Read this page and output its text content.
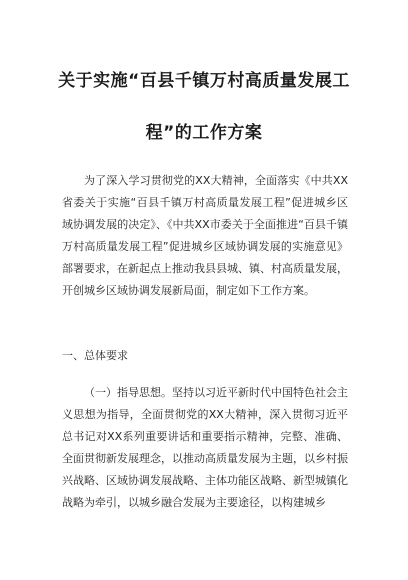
关于实施“百县千镇万村高质量发展工
程”的工作方案
为了深入学习贯彻党的XX大精神，全面落实《中共XX省委关于实施“百县千镇万村高质量发展工程”促进城乡区域协调发展的决定》、《中共XX市委关于全面推进“百县千镇万村高质量发展工程”促进城乡区域协调发展的实施意见》部署要求，在新起点上推动我县县城、镇、村高质量发展，开创城乡区域协调发展新局面，制定如下工作方案。
一、总体要求
（一）指导思想。坚持以习近平新时代中国特色社会主义思想为指导，全面贯彻党的XX大精神，深入贯彻习近平总书记对XX系列重要讲话和重要指示精神，完整、准确、全面贯彻新发展理念，以推动高质量发展为主题，以乡村振兴战略、区域协调发展战略、主体功能区战略、新型城镇化战略为牵引，以城乡融合发展为主要途径，以构建城乡
